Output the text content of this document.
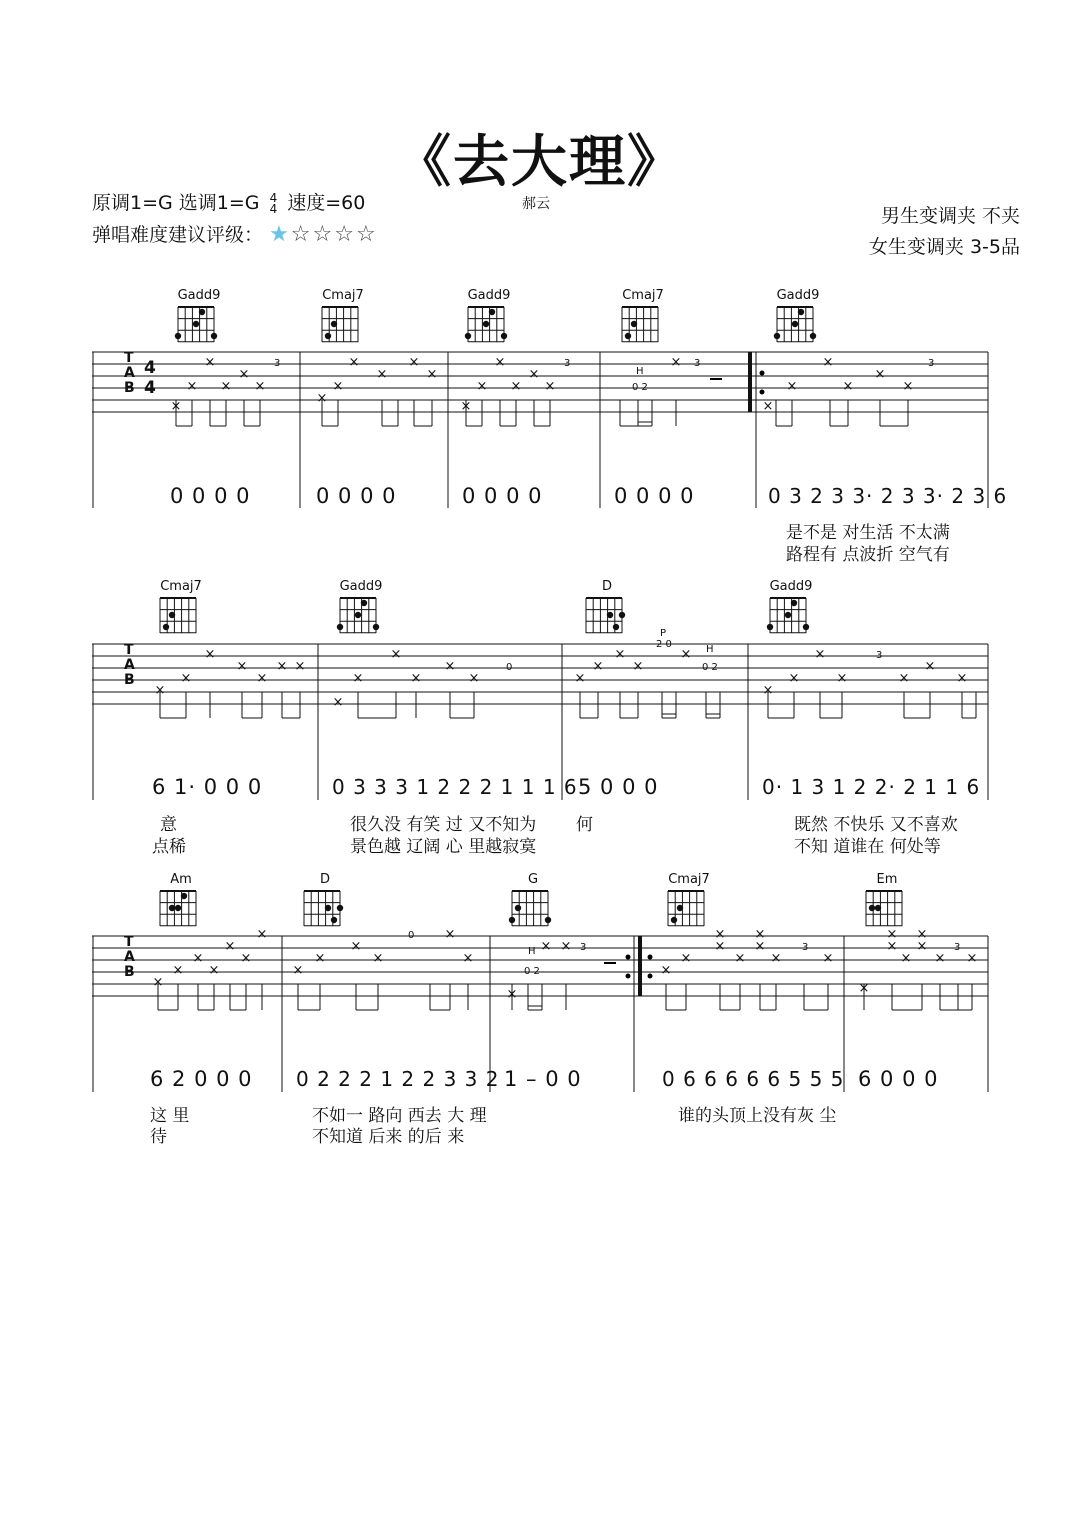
《去大理》
原调1=G 选调1=G 4
4 速度=60
弹唱难度建议评级： ★☆☆☆☆
郝云
男生变调夹 不夹
女生变调夹 3-5品
Gadd9	Cmaj7	Gadd9	Cmaj7	Gadd9
×
×
×
×
×
×
×
×
×
×
×
×
×
×
×
×
×
×
×
×
×
×
×
×
×
3	3	3	3
H
0 2
T
A
B
4
4
0 0 0 0	0 0 0 0	0 0 0 0	0 0 0 0	0 3 2 3 3· 2 3 3· 2 3 6
是不是 对生活 不太满
路程有 点波折 空气有
Cmaj7	Gadd9	D	Gadd9
×
×
×
×
×
× ×
×
×
×
×
×
×	×
×
×
×
×
×
×
×
×	×
×
×
0
P
2 0	H
0 2
3
T
A
B
6 1· 0 0 0	0 3 3 3 1 2 2 2 1 1 1 6 5 0 0 0	0· 1 3 1 2 2· 2 1 1 6
意	很久没 有笑 过 又不知为 何	既然 不快乐 又不喜欢
点稀	景色越 辽阔 心 里越寂寞	不知 道谁在 何处等
Am	D	G	Cmaj7	Em
×
×
×
×
×
×
×
×
×
×
×
×
×
×
× ×
×
×
×
×
×
×	×
×
×
×
×
× ×
× ×	× ×
0
3	3
3
H
0 2
T
A
B
6 2 0 0 0 0 2 2 2 1 2 2 3 3 2 1 – 0 0	0 6 6 6 6 6 5 5 5 6 0 0 0
这 里	不如一 路向 西去 大 理	谁的头顶上没有灰 尘
待	不知道 后来 的后 来
